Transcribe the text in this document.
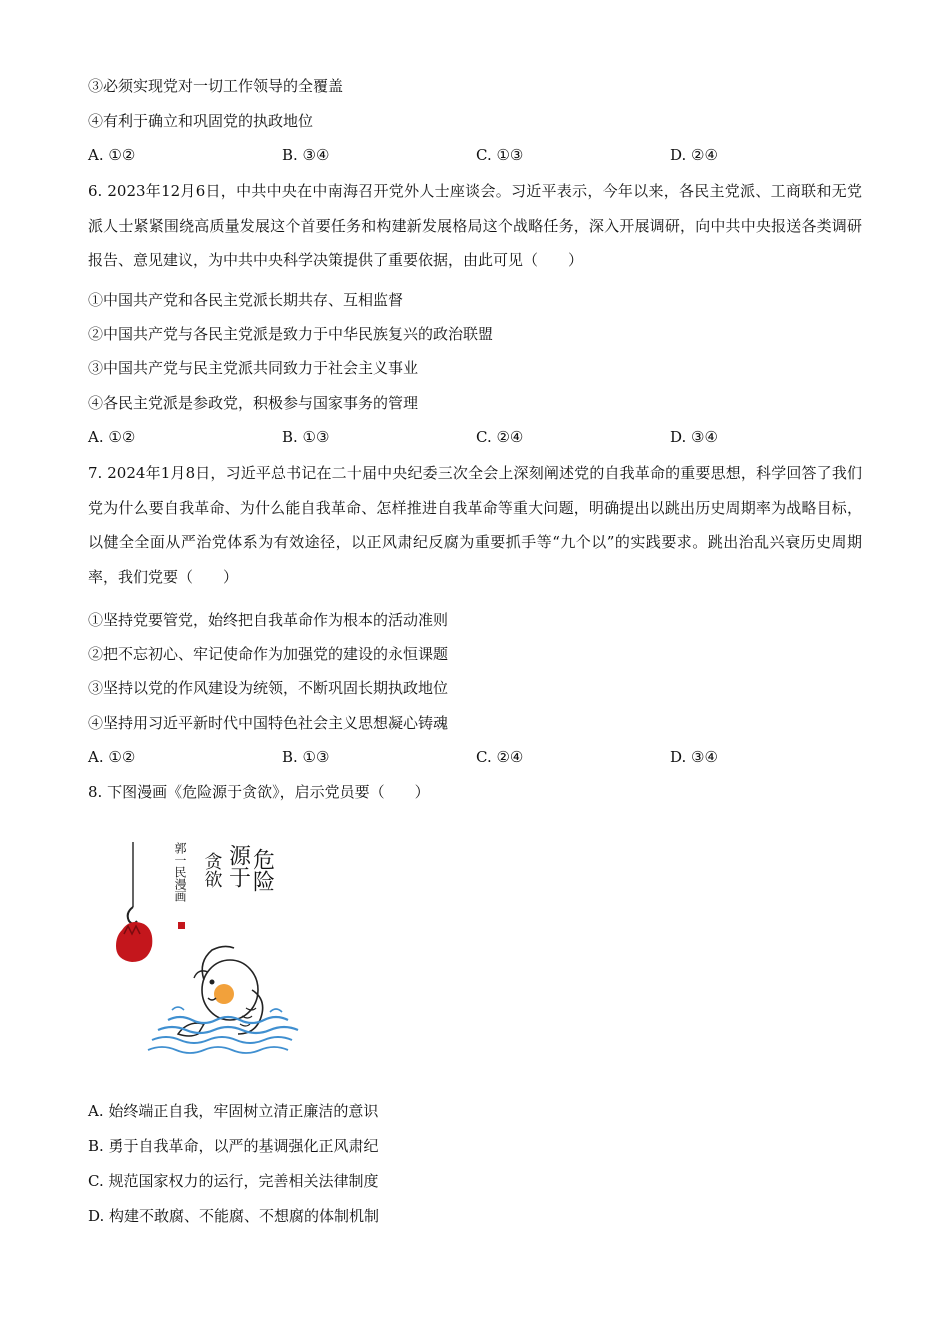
③必须实现党对一切工作领导的全覆盖
④有利于确立和巩固党的执政地位
A. ①②	B. ③④	C. ①③	D. ②④
6. 2023年12月6日，中共中央在中南海召开党外人士座谈会。习近平表示，今年以来，各民主党派、工商联和无党派人士紧紧围绕高质量发展这个首要任务和构建新发展格局这个战略任务，深入开展调研，向中共中央报送各类调研报告、意见建议，为中共中央科学决策提供了重要依据，由此可见（　　）
①中国共产党和各民主党派长期共存、互相监督
②中国共产党与各民主党派是致力于中华民族复兴的政治联盟
③中国共产党与民主党派共同致力于社会主义事业
④各民主党派是参政党，积极参与国家事务的管理
A. ①②	B. ①③	C. ②④	D. ③④
7. 2024年1月8日，习近平总书记在二十届中央纪委三次全会上深刻阐述党的自我革命的重要思想，科学回答了我们党为什么要自我革命、为什么能自我革命、怎样推进自我革命等重大问题，明确提出以跳出历史周期率为战略目标，以健全全面从严治党体系为有效途径，以正风肃纪反腐为重要抓手等“九个以”的实践要求。跳出治乱兴衰历史周期率，我们党要（　　）
①坚持党要管党，始终把自我革命作为根本的活动准则
②把不忘初心、牢记使命作为加强党的建设的永恒课题
③坚持以党的作风建设为统领，不断巩固长期执政地位
④坚持用习近平新时代中国特色社会主义思想凝心铸魂
A. ①②	B. ①③	C. ②④	D. ③④
8. 下图漫画《危险源于贪欲》，启示党员要（　　）
危险
源于
贪欲
郭一民漫画
A. 始终端正自我，牢固树立清正廉洁的意识
B. 勇于自我革命，以严的基调强化正风肃纪
C. 规范国家权力的运行，完善相关法律制度
D. 构建不敢腐、不能腐、不想腐的体制机制
